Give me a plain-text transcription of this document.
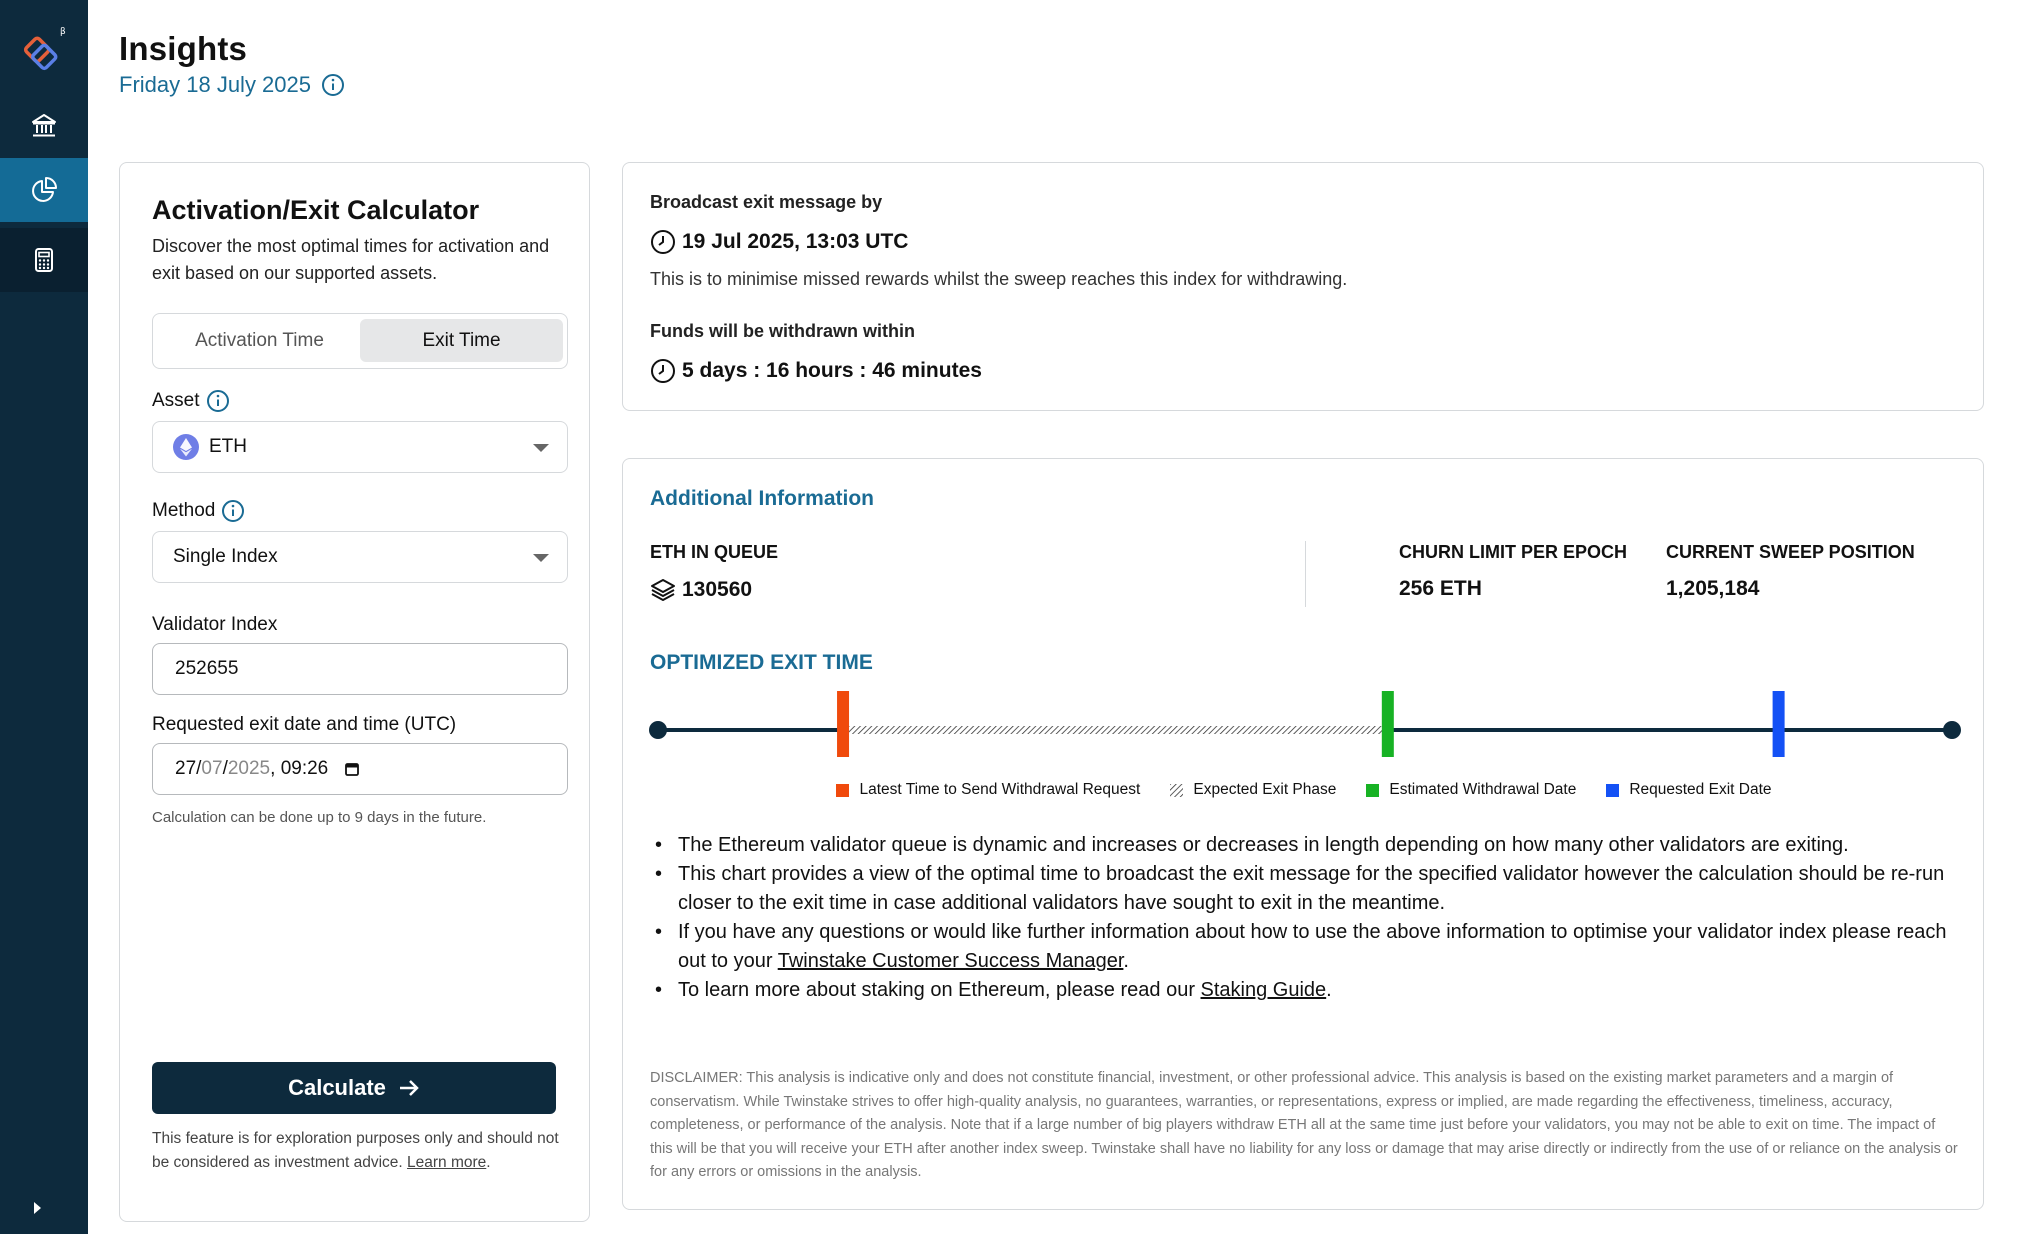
β Insights
Friday 18 July 2025
Activation/Exit Calculator
Discover the most optimal times for activation and exit based on our supported assets.
Activation Time	Exit Time
Asset
ETH
Method
Single Index
Validator Index
252655
Requested exit date and time (UTC)
27 / 07 / 2025 , 09:26
Calculation can be done up to 9 days in the future.
Calculate
This feature is for exploration purposes only and should not be considered as investment advice. Learn more.
Broadcast exit message by
19 Jul 2025, 13:03 UTC
This is to minimise missed rewards whilst the sweep reaches this index for withdrawing.
Funds will be withdrawn within
5 days : 16 hours : 46 minutes
Additional Information
ETH IN QUEUE
130560
CHURN LIMIT PER EPOCH
256 ETH
CURRENT SWEEP POSITION
1,205,184
OPTIMIZED EXIT TIME
Latest Time to Send Withdrawal Request	Expected Exit Phase	Estimated Withdrawal Date	Requested Exit Date
• The Ethereum validator queue is dynamic and increases or decreases in length depending on how many other validators are exiting.
• This chart provides a view of the optimal time to broadcast the exit message for the specified validator however the calculation should be re-run closer to the exit time in case additional validators have sought to exit in the meantime.
• If you have any questions or would like further information about how to use the above information to optimise your validator index please reach out to your Twinstake Customer Success Manager.
• To learn more about staking on Ethereum, please read our Staking Guide.
DISCLAIMER: This analysis is indicative only and does not constitute financial, investment, or other professional advice. This analysis is based on the existing market parameters and a margin of conservatism. While Twinstake strives to offer high-quality analysis, no guarantees, warranties, or representations, express or implied, are made regarding the effectiveness, timeliness, accuracy, completeness, or performance of the analysis. Note that if a large number of big players withdraw ETH all at the same time just before your validators, you may not be able to exit on time. The impact of this will be that you will receive your ETH after another index sweep. Twinstake shall have no liability for any loss or damage that may arise directly or indirectly from the use of or reliance on the analysis or for any errors or omissions in the analysis.
